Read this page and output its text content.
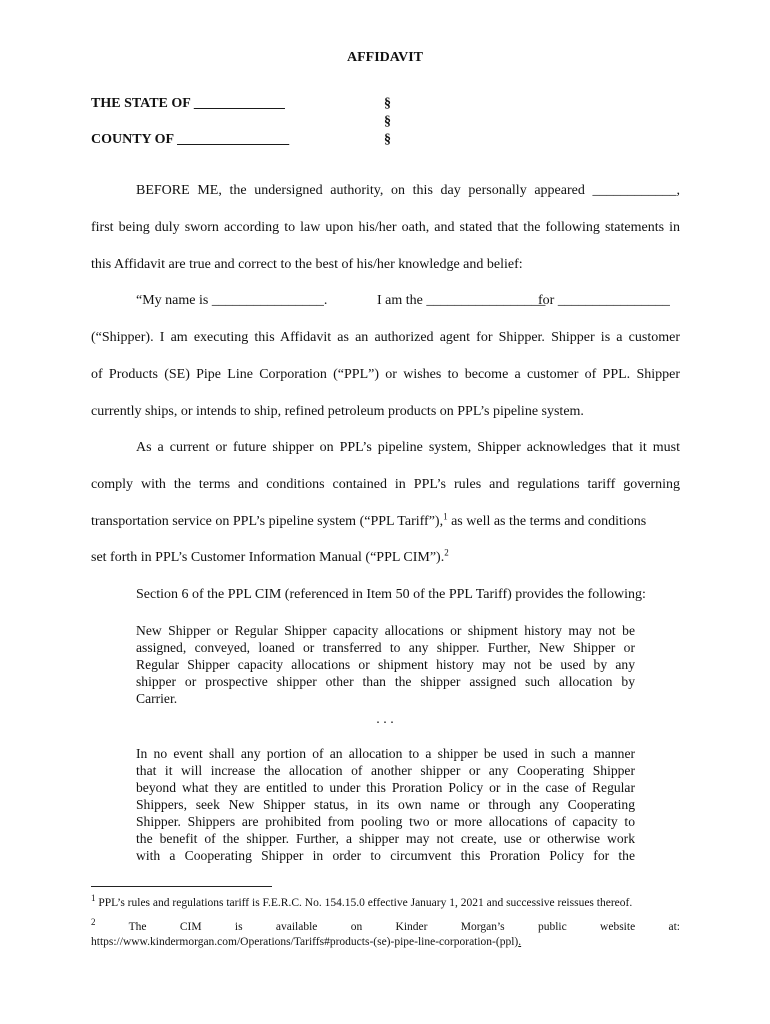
AFFIDAVIT
THE STATE OF _____________
COUNTY OF ________________
§
§
§
BEFORE ME, the undersigned authority, on this day personally appeared ____________,
first being duly sworn according to law upon his/her oath, and stated that the following statements in
this Affidavit are true and correct to the best of his/her knowledge and belief:
“My name is ________________.	I am the _________________
for ________________
(“Shipper). I am executing this Affidavit as an authorized agent for Shipper. Shipper is a customer
of Products (SE) Pipe Line Corporation (“PPL”) or wishes to become a customer of PPL. Shipper
currently ships, or intends to ship, refined petroleum products on PPL’s pipeline system.
As a current or future shipper on PPL’s pipeline system, Shipper acknowledges that it must
comply with the terms and conditions contained in PPL’s rules and regulations tariff governing
transportation service on PPL’s pipeline system (“PPL Tariff”),$^1$ as well as the terms and conditions
set forth in PPL’s Customer Information Manual (“PPL CIM”).$^2$
Section 6 of the PPL CIM (referenced in Item 50 of the PPL Tariff) provides the following:
New Shipper or Regular Shipper capacity allocations or shipment history may not be
assigned, conveyed, loaned or transferred to any shipper. Further, New Shipper or
Regular Shipper capacity allocations or shipment history may not be used by any
shipper or prospective shipper other than the shipper assigned such allocation by
Carrier.
. . .
In no event shall any portion of an allocation to a shipper be used in such a manner
that it will increase the allocation of another shipper or any Cooperating Shipper
beyond what they are entitled to under this Proration Policy or in the case of Regular
Shippers, seek New Shipper status, in its own name or through any Cooperating
Shipper. Shippers are prohibited from pooling two or more allocations of capacity to
the benefit of the shipper. Further, a shipper may not create, use or otherwise work
with a Cooperating Shipper in order to circumvent this Proration Policy for the
$^1$ PPL’s rules and regulations tariff is F.E.R.C. No. 154.15.0 effective January 1, 2021 and successive reissues thereof.
$^2$	The CIM is available on Kinder Morgan’s public website at:
https://www.kindermorgan.com/Operations/Tariffs#products-(se)-pipe-line-corporation-(ppl).
